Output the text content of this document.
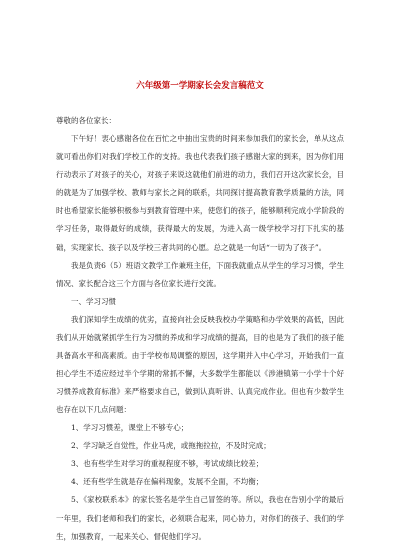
六年级第一学期家长会发言稿范文

尊敬的各位家长：

下午好！衷心感谢各位在百忙之中抽出宝贵的时间来参加我们的家长会，单从这点就可看出你们对我们学校工作的支持。我也代表我们孩子感谢大家的到来，因为你们用行动表示了对孩子的关心，对孩子来说这就他们前进的动力，我们召开这次家长会，目的就是为了加强学校、教师与家长之间的联系，共同探讨提高教育教学质量的方法，同时也希望家长能够积极参与到教育管理中来，使您们的孩子，能够顺利完成小学阶段的学习任务，取得最好的成绩，获得最大的发展，为进入高一级学校学习打下扎实的基础，实现家长、孩子以及学校三者共同的心愿。总之就是一句话“一切为了孩子”。

我是负责6（5）班语文教学工作兼班主任，下面我就重点从学生的学习习惯，学生情况、家长配合这三个方面与各位家长进行交流。

一、学习习惯

我们深知学生成绩的优劣，直接向社会反映我校办学策略和办学效果的高低，因此我们从开始就紧抓学生行为习惯的养成和学习成绩的提高，目的也是为了我们的孩子能具备高水平和高素质。由于学校布局调整的原因，这学期并入中心学习，开始我们一直担心学生不适应经过半个学期的常抓不懈，大多数学生都能以《涉港镇第一小学十个好习惯养成教育标准》来严格要求自己，做到认真听讲、认真完成作业。但也有少数学生也存在以下几点问题：

1、学习习惯差，课堂上不够专心；

2、学习缺乏自觉性，作业马虎，或拖拖拉拉，不及时完成；

3、也有些学生对学习的重视程度不够，考试成绩比较差；

4、还有些学生就是存在偏科现象，发展不全面，不均衡；

5、《家校联系本》的家长签名是学生自己冒签的等。所以，我也在告别小学的最后一年里，我们老师和我们的家长，必须联合起来，同心协力，对你们的孩子、我们的学生，加强教育，一起来关心、督促他们学习。
